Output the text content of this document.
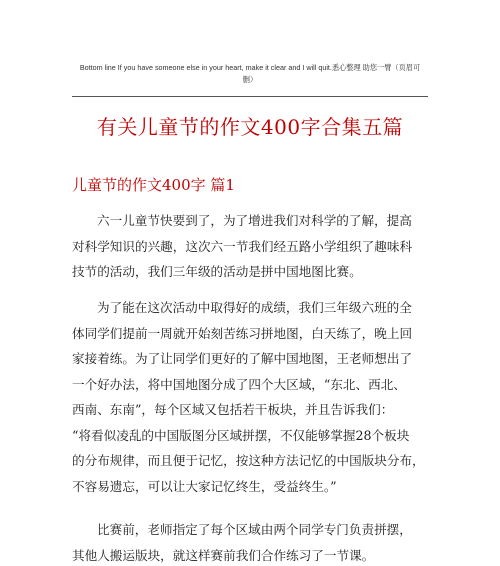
Bottom line If you have someone else in your heart, make it clear and I will quit.悉心整理 助您一臂（页眉可
删）
有关儿童节的作文400字合集五篇
儿童节的作文400字 篇1
六一儿童节快要到了，为了增进我们对科学的了解，提高
对科学知识的兴趣，这次六一节我们经五路小学组织了趣味科
技节的活动，我们三年级的活动是拼中国地图比赛。
为了能在这次活动中取得好的成绩，我们三年级六班的全
体同学们提前一周就开始刻苦练习拼地图，白天练了，晚上回
家接着练。为了让同学们更好的了解中国地图，王老师想出了
一个好办法，将中国地图分成了四个大区域，“东北、西北、
西南、东南”，每个区域又包括若干板块，并且告诉我们：
“将看似凌乱的中国版图分区域拼摆，不仅能够掌握28个板块
的分布规律，而且便于记忆，按这种方法记忆的中国版块分布，
不容易遗忘，可以让大家记忆终生，受益终生。”
比赛前，老师指定了每个区域由两个同学专门负责拼摆，
其他人搬运版块，就这样赛前我们合作练习了一节课。
